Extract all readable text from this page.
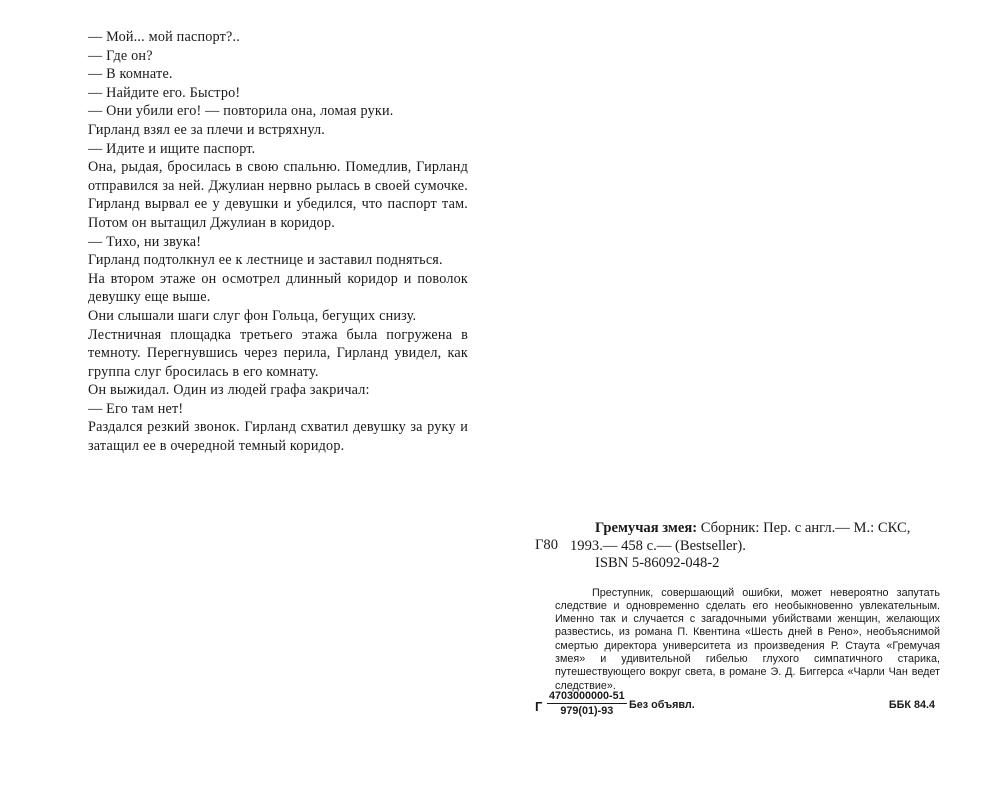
— Мой... мой паспорт?..

— Где он?

— В комнате.

— Найдите его. Быстро!

— Они убили его! — повторила она, ломая руки.

Гирланд взял ее за плечи и встряхнул.

— Идите и ищите паспорт.

Она, рыдая, бросилась в свою спальню. Помедлив, Гирланд отправился за ней. Джулиан нервно рылась в своей сумочке. Гирланд вырвал ее у девушки и убедился, что паспорт там. Потом он вытащил Джулиан в коридор.

— Тихо, ни звука!

Гирланд подтолкнул ее к лестнице и заставил подняться.

На втором этаже он осмотрел длинный коридор и поволок девушку еще выше.

Они слышали шаги слуг фон Гольца, бегущих снизу.

Лестничная площадка третьего этажа была погружена в темноту. Перегнувшись через перила, Гирланд увидел, как группа слуг бросилась в его комнату.

Он выжидал. Один из людей графа закричал:

— Его там нет!

Раздался резкий звонок. Гирланд схватил девушку за руку и затащил ее в очередной темный коридор.

Г80
Гремучая змея: Сборник: Пер. с англ.— М.: СКС,
1993.— 458 с.— (Bestseller).
ISBN 5-86092-048-2
Преступник, совершающий ошибки, может невероятно запутать следствие и одновременно сделать его необыкновенно увлекательным. Именно так и случается с загадочными убийствами женщин, желающих развестись, из романа П. Квентина «Шесть дней в Рено», необъяснимой смертью директора университета из произведения Р. Стаута «Гремучая змея» и удивительной гибелью глухого симпатичного старика, путешествующего вокруг света, в романе Э. Д. Биггерса «Чарли Чан ведет следствие».
Г $\frac{4703000000-51}{979(01)-93}$ Без объявл.	ББК 84.4
